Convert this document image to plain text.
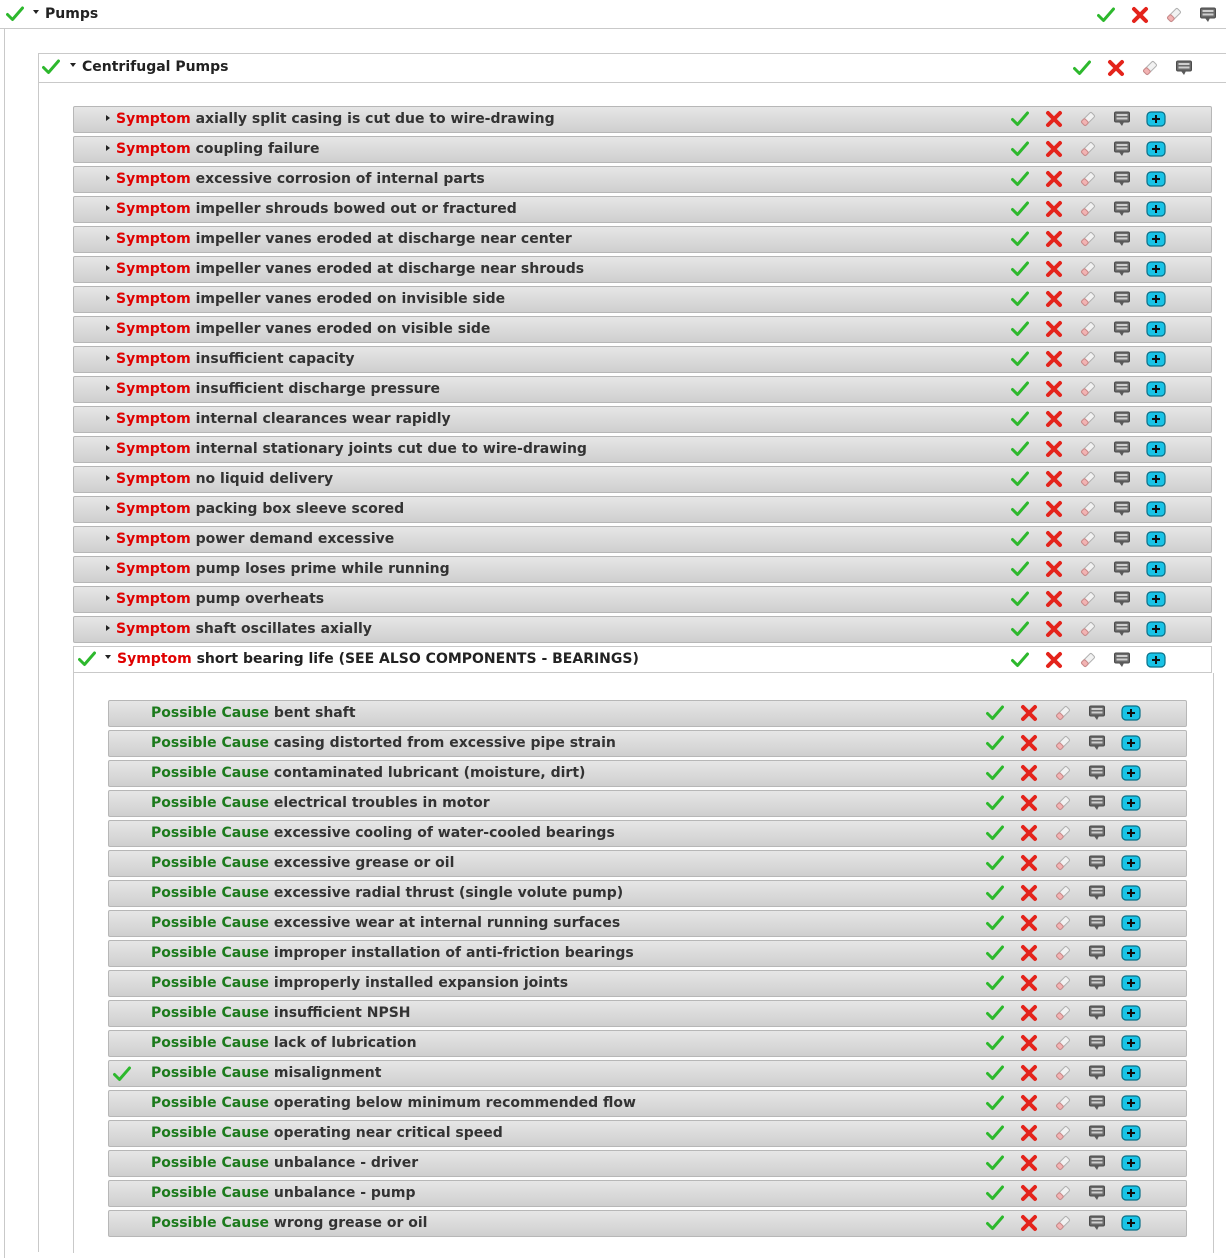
Pumps
Centrifugal Pumps
Symptom axially split casing is cut due to wire-drawing
Symptom coupling failure
Symptom excessive corrosion of internal parts
Symptom impeller shrouds bowed out or fractured
Symptom impeller vanes eroded at discharge near center
Symptom impeller vanes eroded at discharge near shrouds
Symptom impeller vanes eroded on invisible side
Symptom impeller vanes eroded on visible side
Symptom insufficient capacity
Symptom insufficient discharge pressure
Symptom internal clearances wear rapidly
Symptom internal stationary joints cut due to wire-drawing
Symptom no liquid delivery
Symptom packing box sleeve scored
Symptom power demand excessive
Symptom pump loses prime while running
Symptom pump overheats
Symptom shaft oscillates axially
Symptom short bearing life (SEE ALSO COMPONENTS - BEARINGS)
Possible Cause bent shaft
Possible Cause casing distorted from excessive pipe strain
Possible Cause contaminated lubricant (moisture, dirt)
Possible Cause electrical troubles in motor
Possible Cause excessive cooling of water-cooled bearings
Possible Cause excessive grease or oil
Possible Cause excessive radial thrust (single volute pump)
Possible Cause excessive wear at internal running surfaces
Possible Cause improper installation of anti-friction bearings
Possible Cause improperly installed expansion joints
Possible Cause insufficient NPSH
Possible Cause lack of lubrication
Possible Cause misalignment
Possible Cause operating below minimum recommended flow
Possible Cause operating near critical speed
Possible Cause unbalance - driver
Possible Cause unbalance - pump
Possible Cause wrong grease or oil
